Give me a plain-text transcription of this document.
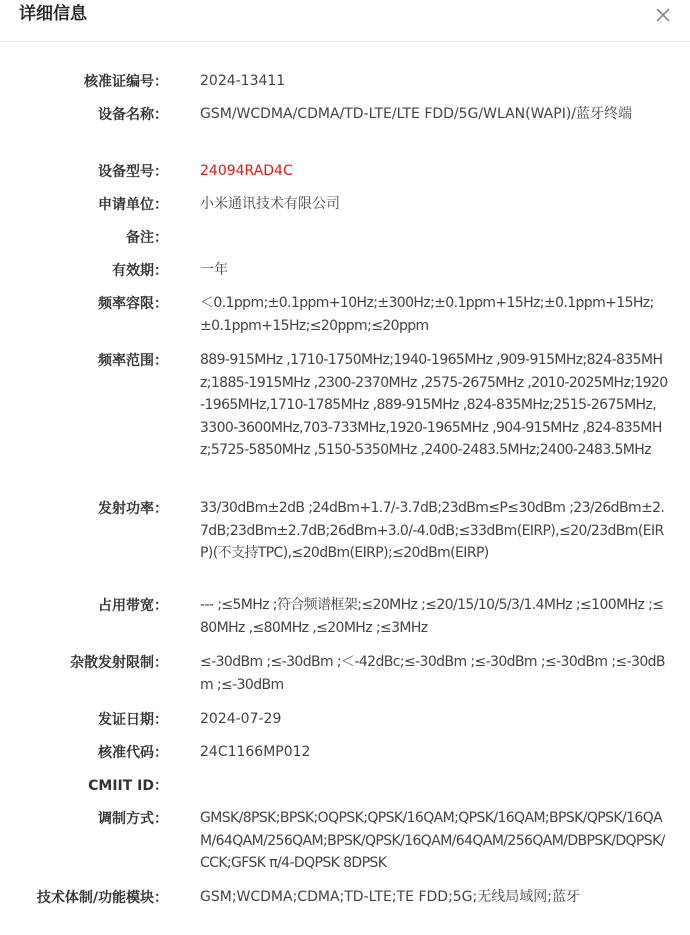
详细信息
核准证编号： 2024-13411
设备名称： GSM/WCDMA/CDMA/TD-LTE/LTE FDD/5G/WLAN(WAPI)/蓝牙终端
设备型号： 24094RAD4C
申请单位： 小米通讯技术有限公司
备注：
有效期： 一年
频率容限： ＜0.1ppm;±0.1ppm+10Hz;±300Hz;±0.1ppm+15Hz;±0.1ppm+15Hz;±0.1ppm+15Hz;≤20ppm;≤20ppm
频率范围： 889-915MHz ,1710-1750MHz;1940-1965MHz ,909-915MHz;824-835MHz;1885-1915MHz ,2300-2370MHz ,2575-2675MHz ,2010-2025MHz;1920-1965MHz,1710-1785MHz ,889-915MHz ,824-835MHz;2515-2675MHz, 3300-3600MHz,703-733MHz,1920-1965MHz ,904-915MHz ,824-835MHz;5725-5850MHz ,5150-5350MHz ,2400-2483.5MHz;2400-2483.5MHz
发射功率： 33/30dBm±2dB ;24dBm+1.7/-3.7dB;23dBm≤P≤30dBm ;23/26dBm±2.7dB;23dBm±2.7dB;26dBm+3.0/-4.0dB;≤33dBm(EIRP),≤20/23dBm(EIRP)(不支持TPC),≤20dBm(EIRP);≤20dBm(EIRP)
占用带宽： --- ;≤5MHz ;符合频谱框架;≤20MHz ;≤20/15/10/5/3/1.4MHz ;≤100MHz ;≤80MHz ,≤80MHz ,≤20MHz ;≤3MHz
杂散发射限制： ≤-30dBm ;≤-30dBm ;＜-42dBc;≤-30dBm ;≤-30dBm ;≤-30dBm ;≤-30dBm ;≤-30dBm
发证日期： 2024-07-29
核准代码： 24C1166MP012
CMIIT ID：
调制方式： GMSK/8PSK;BPSK;OQPSK;QPSK/16QAM;QPSK/16QAM;BPSK/QPSK/16QAM/64QAM/256QAM;BPSK/QPSK/16QAM/64QAM/256QAM/DBPSK/DQPSK/CCK;GFSK π/4-DQPSK 8DPSK
技术体制/功能模块： GSM;WCDMA;CDMA;TD-LTE;TE FDD;5G;无线局域网;蓝牙
